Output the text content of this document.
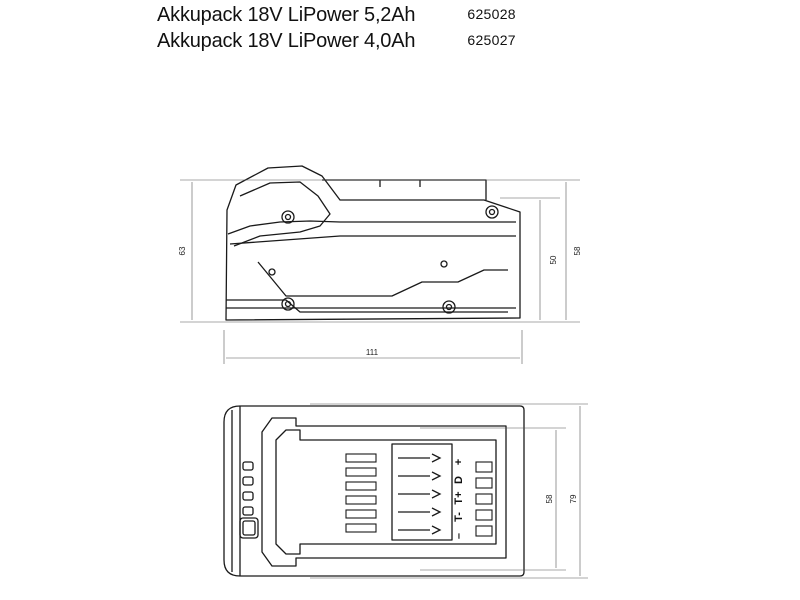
Akkupack 18V LiPower 5,2Ah	625028
Akkupack 18V LiPower 4,0Ah	625027
63
50
58
111
+
D
T+
T-
–
58 79
